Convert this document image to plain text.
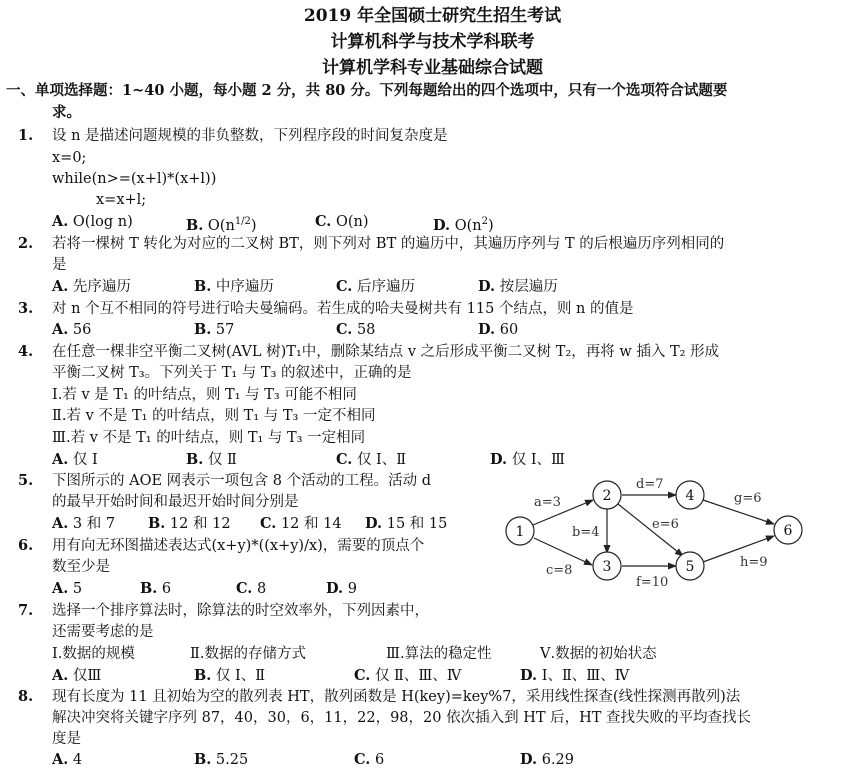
2019 年全国硕士研究生招生考试
计算机科学与技术学科联考
计算机学科专业基础综合试题
一、单项选择题：1~40 小题，每小题 2 分，共 80 分。下列每题给出的四个选项中，只有一个选项符合试题要
求。
1. 设 n 是描述问题规模的非负整数，下列程序段的时间复杂度是
x=0;
while(n>=(x+l)*(x+l))
x=x+l;
A. O(log n)	B. $O(n^{1/2})$	C. O(n)	D. $O(n^2)$
2. 若将一棵树 T 转化为对应的二叉树 BT，则下列对 BT 的遍历中，其遍历序列与 T 的后根遍历序列相同的
是
A. 先序遍历	B. 中序遍历	C. 后序遍历	D. 按层遍历
3. 对 n 个互不相同的符号进行哈夫曼编码。若生成的哈夫曼树共有 115 个结点，则 n 的值是
A. 56	B. 57	C. 58	D. 60
4. 在任意一棵非空平衡二叉树(AVL 树)T₁中，删除某结点 v 之后形成平衡二叉树 T₂，再将 w 插入 T₂ 形成
平衡二叉树 T₃。下列关于 T₁ 与 T₃ 的叙述中，正确的是
I.若 v 是 T₁ 的叶结点，则 T₁ 与 T₃ 可能不相同
Ⅱ.若 v 不是 T₁ 的叶结点，则 T₁ 与 T₃ 一定不相同
Ⅲ.若 v 不是 T₁ 的叶结点，则 T₁ 与 T₃ 一定相同
A. 仅 I	B. 仅 Ⅱ	C. 仅 I、Ⅱ	D. 仅 I、Ⅲ
5. 下图所示的 AOE 网表示一项包含 8 个活动的工程。活动 d
的最早开始时间和最迟开始时间分别是
A. 3 和 7 B. 12 和 12 C. 12 和 14 D. 15 和 15	1
2
3
4
5
6
a=3
b=4
c=8
d=7
e=6
f=10
g=6
h=9
6. 用有向无环图描述表达式(x+y)*((x+y)/x)，需要的顶点个
数至少是
A. 5	B. 6	C. 8	D. 9
7. 选择一个排序算法时，除算法的时空效率外，下列因素中，
还需要考虑的是
I.数据的规模	Ⅱ.数据的存储方式	Ⅲ.算法的稳定性	Ⅴ.数据的初始状态
A. 仅Ⅲ	B. 仅 I、Ⅱ	C. 仅 Ⅱ、Ⅲ、Ⅳ	D. I、Ⅱ、Ⅲ、Ⅳ
8. 现有长度为 11 且初始为空的散列表 HT，散列函数是 H(key)=key%7，采用线性探查(线性探测再散列)法
解决冲突将关键字序列 87，40，30，6，11，22，98，20 依次插入到 HT 后，HT 查找失败的平均查找长
度是
A. 4	B. 5.25	C. 6	D. 6.29
